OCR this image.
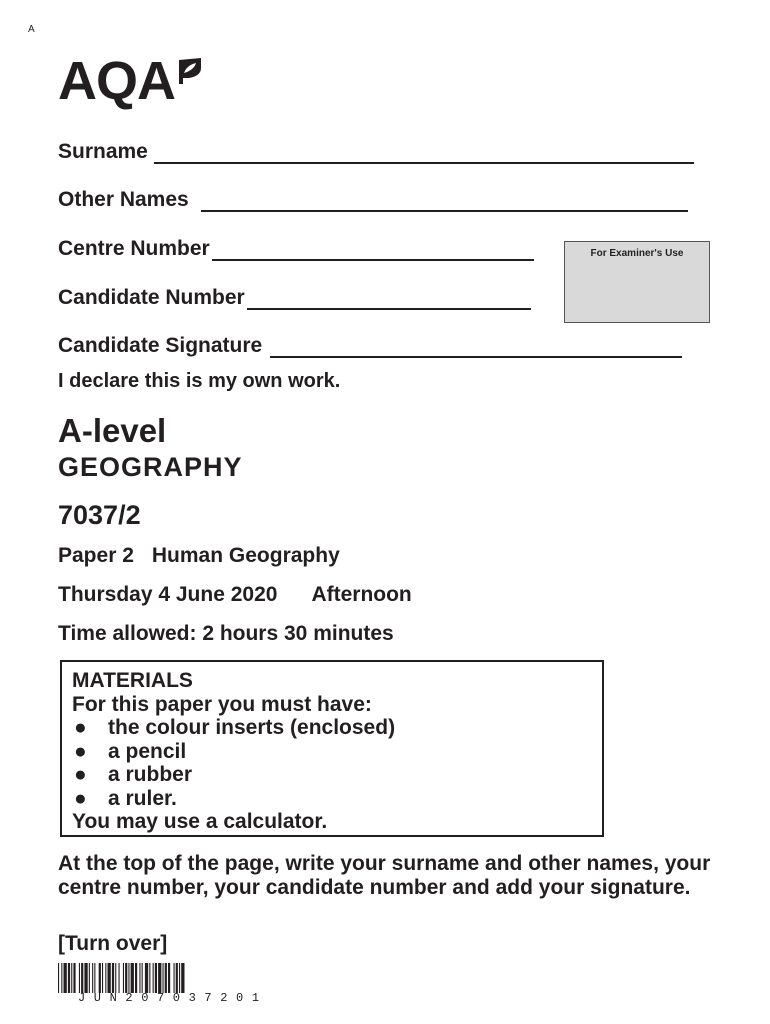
A
AQA
Surname
Other Names
Centre Number
Candidate Number
Candidate Signature
For Examiner's Use
I declare this is my own work.
A-level
GEOGRAPHY
7037/2
Paper 2 Human Geography
Thursday 4 June 2020 Afternoon
Time allowed: 2 hours 30 minutes
MATERIALS
For this paper you must have:
●	the colour inserts (enclosed)
●	a pencil
●	a rubber
●	a ruler.
You may use a calculator.
At the top of the page, write your surname and other names, your centre number, your candidate number and add your signature.
[Turn over]
JUN207037201
